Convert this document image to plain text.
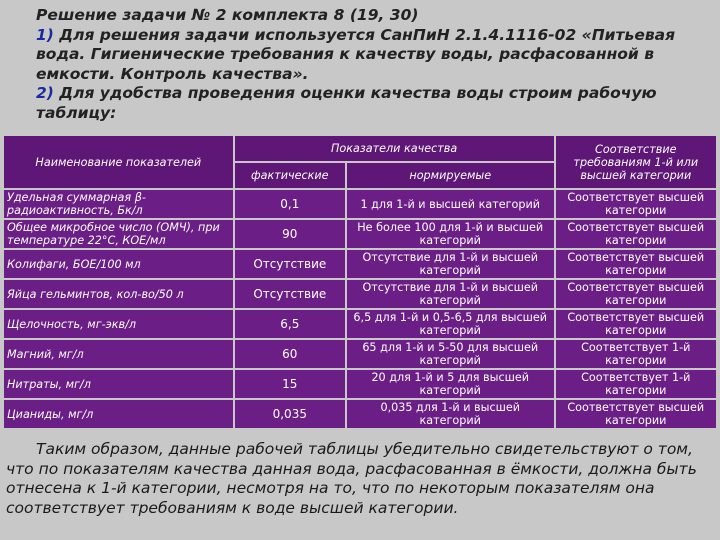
Решение задачи № 2 комплекта 8 (19, 30)

1) Для решения задачи используется СанПиН 2.1.4.1116-02 «Питьевая вода. Гигиенические требования к качеству воды, расфасованной в емкости. Контроль качества».

2) Для удобства проведения оценки качества воды строим рабочую таблицу:

Наименование показателей	Показатели качества		Соответствие требованиям 1-й или высшей категории
	фактические	нормируемые	
Удельная суммарная β-радиоактивность, Бк/л	0,1	1 для 1-й и высшей категорий	Соответствует высшей категории
Общее микробное число (ОМЧ), при температуре 22°С, КОЕ/мл	90	Не более 100 для 1-й и высшей категорий	Соответствует высшей категории
Колифаги, БОЕ/100 мл	Отсутствие	Отсутствие для 1-й и высшей категорий	Соответствует высшей категории
Яйца гельминтов, кол-во/50 л	Отсутствие	Отсутствие для 1-й и высшей категорий	Соответствует высшей категории
Щелочность, мг-экв/л	6,5	6,5 для 1-й и 0,5-6,5 для высшей категорий	Соответствует высшей категории
Магний, мг/л	60	65 для 1-й и 5-50 для высшей категорий	Соответствует 1-й категории
Нитраты, мг/л	15	20 для 1-й и 5 для высшей категорий	Соответствует 1-й категории
Цианиды, мг/л	0,035	0,035 для 1-й и высшей категорий	Соответствует высшей категории

Таким образом, данные рабочей таблицы убедительно свидетельствуют о том, что по показателям качества данная вода, расфасованная в ёмкости, должна быть отнесена к 1-й категории, несмотря на то, что по некоторым показателям она соответствует требованиям к воде высшей категории.
